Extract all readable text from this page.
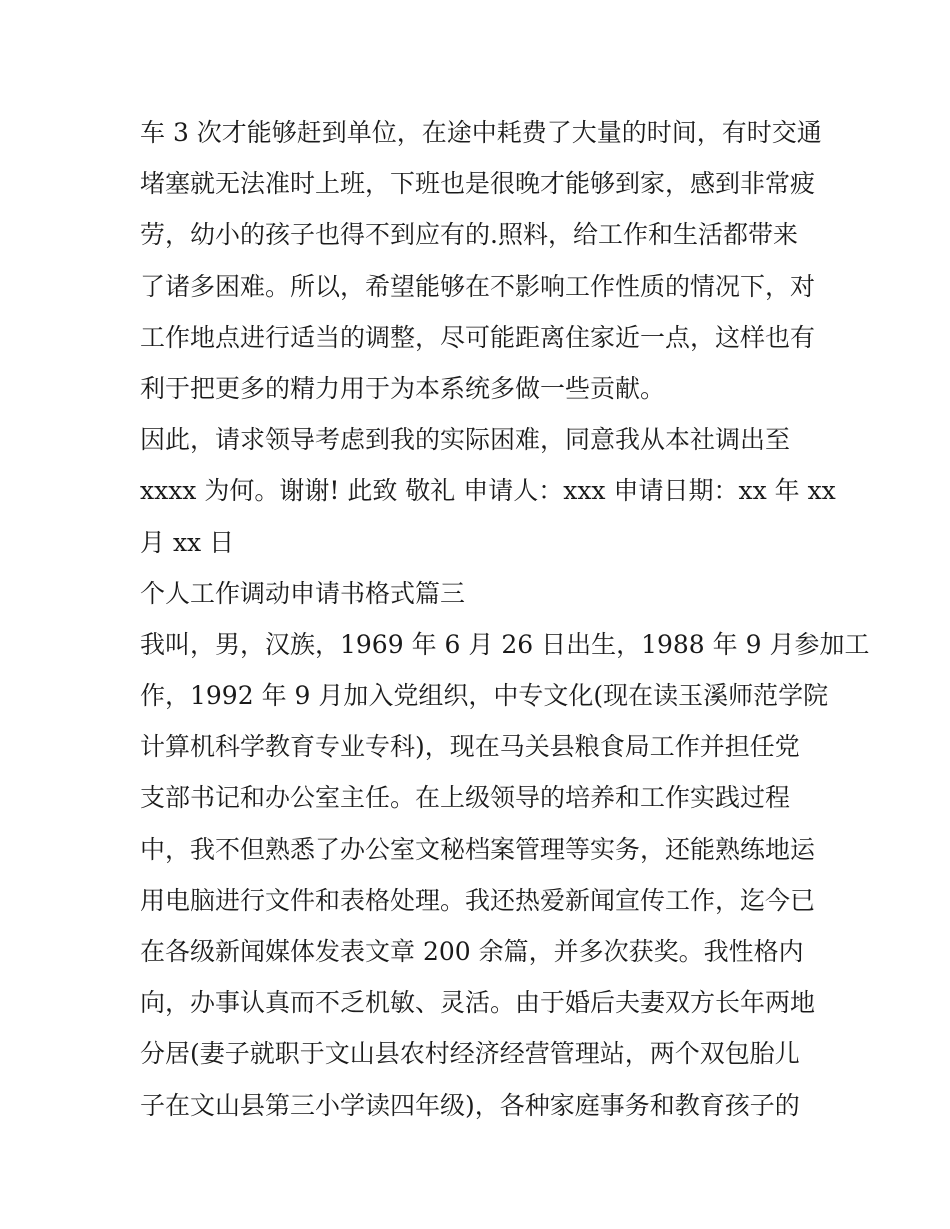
车 3 次才能够赶到单位，在途中耗费了大量的时间，有时交通
堵塞就无法准时上班，下班也是很晚才能够到家，感到非常疲
劳，幼小的孩子也得不到应有的.照料，给工作和生活都带来
了诸多困难。所以，希望能够在不影响工作性质的情况下，对
工作地点进行适当的调整，尽可能距离住家近一点，这样也有
利于把更多的精力用于为本系统多做一些贡献。
因此，请求领导考虑到我的实际困难，同意我从本社调出至
xxxx 为何。谢谢! 此致 敬礼 申请人：xxx 申请日期：xx 年 xx
月 xx 日
个人工作调动申请书格式篇三
我叫，男，汉族，1969 年 6 月 26 日出生，1988 年 9 月参加工
作，1992 年 9 月加入党组织，中专文化(现在读玉溪师范学院
计算机科学教育专业专科)，现在马关县粮食局工作并担任党
支部书记和办公室主任。在上级领导的培养和工作实践过程
中，我不但熟悉了办公室文秘档案管理等实务，还能熟练地运
用电脑进行文件和表格处理。我还热爱新闻宣传工作，迄今已
在各级新闻媒体发表文章 200 余篇，并多次获奖。我性格内
向，办事认真而不乏机敏、灵活。由于婚后夫妻双方长年两地
分居(妻子就职于文山县农村经济经营管理站，两个双包胎儿
子在文山县第三小学读四年级)，各种家庭事务和教育孩子的
